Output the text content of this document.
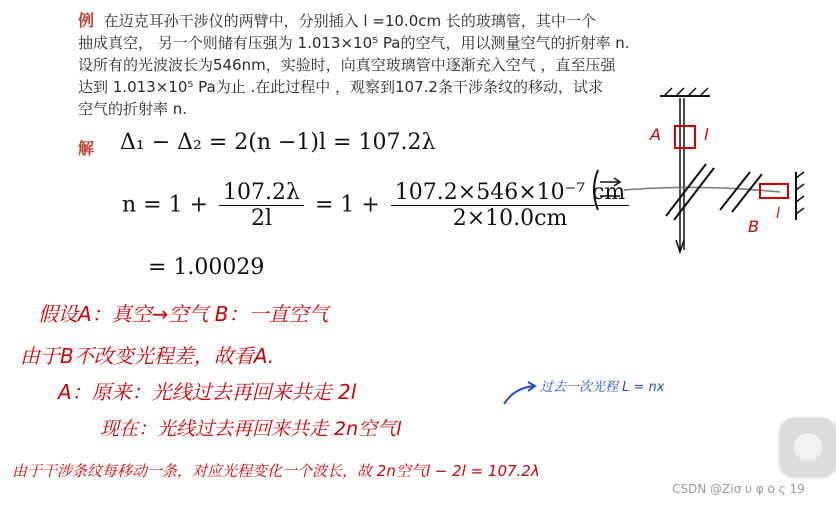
例 在迈克耳孙干涉仪的两臂中，分别插入 l =10.0cm 长的玻璃管，其中一个
抽成真空， 另一个则储有压强为 1.013×10⁵ Pa的空气，用以测量空气的折射率 n.
设所有的光波波长为546nm，实验时，向真空玻璃管中逐渐充入空气 ，直至压强
达到 1.013×10⁵ Pa为止 .在此过程中 ，观察到107.2条干涉条纹的移动，试求
空气的折射率 n.
解 Δ₁ − Δ₂ = 2(n −1)l = 107.2λ
$n = 1 + \frac{107.2\lambda}{2l} = 1 + \frac{\text{107.2×546×10⁻⁷ cm}}{2\times 10.0cm}$
= 1.00029
假设A：真空→空气 B：一直空气
由于B不改变光程差，故看A.
A：原来：光线过去再回来共走 2l
现在：光线过去再回来共走 2n空气l
由于干涉条纹每移动一条，对应光程变化一个波长，故 2n空气l − 2l = 107.2λ
过去一次光程 L = nx
A	l
B
l
CSDN @Ziσ υ φ ο ς 19
